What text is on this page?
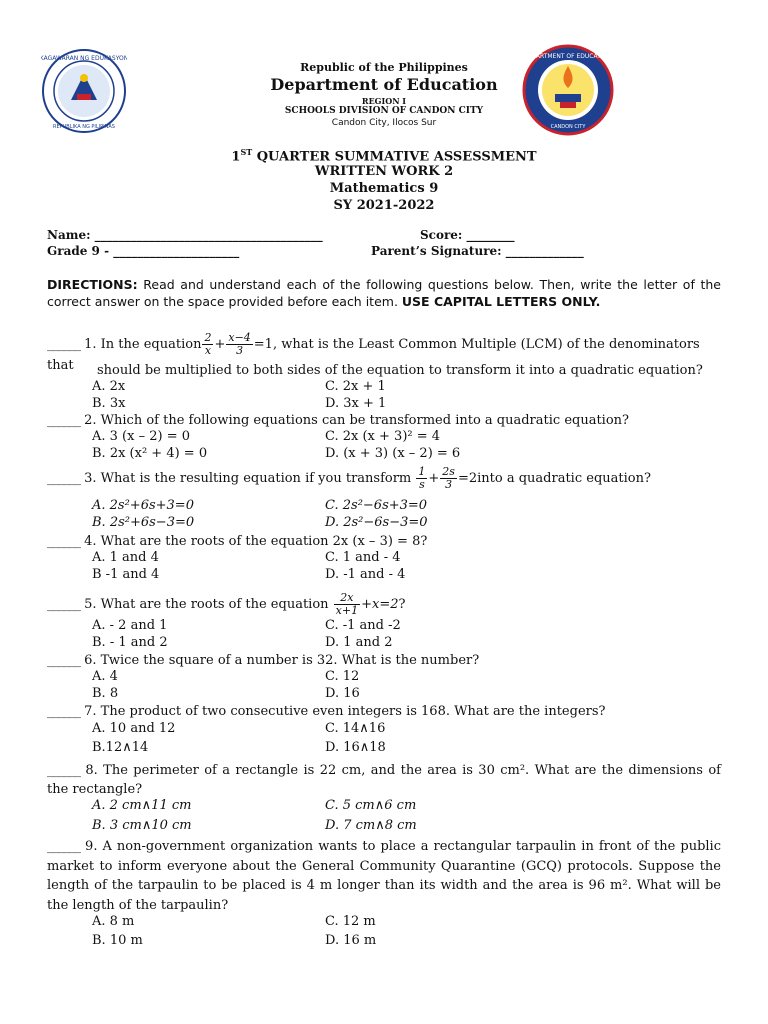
KAGAWARAN NG EDUKASYON
REPUBLIKA NG PILIPINAS
DEPARTMENT OF EDUCATION
CANDON CITY
Republic of the Philippines
Department of Education
REGION I
SCHOOLS DIVISION OF CANDON CITY
Candon City, Ilocos Sur
1ST QUARTER SUMMATIVE ASSESSMENT
WRITTEN WORK 2
Mathematics 9
SY 2021-2022
Name: ______________________________________	Score: ________
Grade 9 - _____________________	Parent’s Signature: _____________
DIRECTIONS: Read and understand each of the following questions below. Then, write the letter of the correct answer on the space provided before each item. USE CAPITAL LETTERS ONLY.
______ 1. In the equation $\frac{2}{x} + \frac{x-4}{3} =1$, what is the Least Common Multiple (LCM) of the denominators that	should be multiplied to both sides of the equation to transform it into a quadratic equation?
A. 2x
B. 3x
C. 2x + 1
D. 3x + 1
______ 2. Which of the following equations can be transformed into a quadratic equation?
A. 3 (x – 2) = 0
B. 2x (x² + 4) = 0
C. 2x (x + 3)² = 4
D. (x + 3) (x – 2) = 6
______ 3. What is the resulting equation if you transform $\frac{1}{s} + \frac{2s}{3}$ =2into a quadratic equation?
A. 2s²+6s+3=0
B. 2s²+6s−3=0
C. 2s²−6s+3=0
D. 2s²−6s−3=0
______ 4. What are the roots of the equation 2x (x – 3) = 8?
A. 1 and 4
B -1 and 4
C. 1 and - 4
D. -1 and - 4
______ 5. What are the roots of the equation $\frac{2x}{x+1} +x=2$?
A. - 2 and 1
B. - 1 and 2
C. -1 and -2
D. 1 and 2
______ 6. Twice the square of a number is 32. What is the number?
A. 4
B. 8
C. 12
D. 16
______ 7. The product of two consecutive even integers is 168. What are the integers?
A. 10 and 12
B.12∧14
C. 14∧16
D. 16∧18
______ 8. The perimeter of a rectangle is 22 cm, and the area is 30 cm². What are the dimensions of the rectangle?
A. 2 cm∧11 cm
B. 3 cm∧10 cm
C. 5 cm∧6 cm
D. 7 cm∧8 cm
______ 9. A non-government organization wants to place a rectangular tarpaulin in front of the public market to inform everyone about the General Community Quarantine (GCQ) protocols. Suppose the length of the tarpaulin to be placed is 4 m longer than its width and the area is 96 m². What will be the length of the tarpaulin?
A. 8 m
B. 10 m
C. 12 m
D. 16 m
